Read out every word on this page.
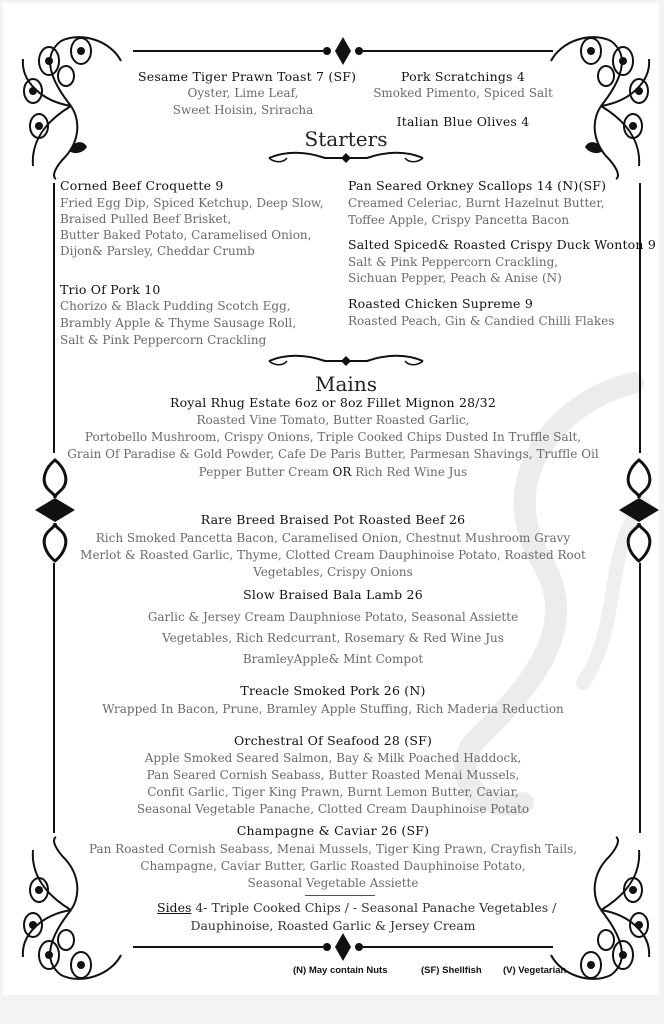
Sesame Tiger Prawn Toast 7 (SF)
Oyster, Lime Leaf,
Sweet Hoisin, Sriracha
Pork Scratchings 4
Smoked Pimento, Spiced Salt
Italian Blue Olives 4
Starters
Corned Beef Croquette 9
Fried Egg Dip, Spiced Ketchup, Deep Slow,
Braised Pulled Beef Brisket,
Butter Baked Potato, Caramelised Onion,
Dijon& Parsley, Cheddar Crumb
Trio Of Pork 10
Chorizo & Black Pudding Scotch Egg,
Brambly Apple & Thyme Sausage Roll,
Salt & Pink Peppercorn Crackling
Pan Seared Orkney Scallops 14 (N)(SF)
Creamed Celeriac, Burnt Hazelnut Butter,
Toffee Apple, Crispy Pancetta Bacon
Salted Spiced& Roasted Crispy Duck Wonton 9
Salt & Pink Peppercorn Crackling,
Sichuan Pepper, Peach & Anise (N)
Roasted Chicken Supreme 9
Roasted Peach, Gin & Candied Chilli Flakes
Mains
Royal Rhug Estate 6oz or 8oz Fillet Mignon 28/32
Roasted Vine Tomato, Butter Roasted Garlic,
Portobello Mushroom, Crispy Onions, Triple Cooked Chips Dusted In Truffle Salt,
Grain Of Paradise & Gold Powder, Cafe De Paris Butter, Parmesan Shavings, Truffle Oil
Pepper Butter Cream OR Rich Red Wine Jus
Rare Breed Braised Pot Roasted Beef 26
Rich Smoked Pancetta Bacon, Caramelised Onion, Chestnut Mushroom Gravy
Merlot & Roasted Garlic, Thyme, Clotted Cream Dauphinoise Potato, Roasted Root
Vegetables, Crispy Onions
Slow Braised Bala Lamb 26
Garlic & Jersey Cream Dauphniose Potato, Seasonal Assiette
Vegetables, Rich Redcurrant, Rosemary & Red Wine Jus
BramleyApple& Mint Compot
Treacle Smoked Pork 26 (N)
Wrapped In Bacon, Prune, Bramley Apple Stuffing, Rich Maderia Reduction
Orchestral Of Seafood 28 (SF)
Apple Smoked Seared Salmon, Bay & Milk Poached Haddock,
Pan Seared Cornish Seabass, Butter Roasted Menai Mussels,
Confit Garlic, Tiger King Prawn, Burnt Lemon Butter, Caviar,
Seasonal Vegetable Panache, Clotted Cream Dauphinoise Potato
Champagne & Caviar 26 (SF)
Pan Roasted Cornish Seabass, Menai Mussels, Tiger King Prawn, Crayfish Tails,
Champagne, Caviar Butter, Garlic Roasted Dauphinoise Potato,
Seasonal Vegetable Assiette
Sides 4- Triple Cooked Chips / - Seasonal Panache Vegetables /
Dauphinoise, Roasted Garlic & Jersey Cream
(N) May contain Nuts	(SF) Shellfish (V) Vegetarian
